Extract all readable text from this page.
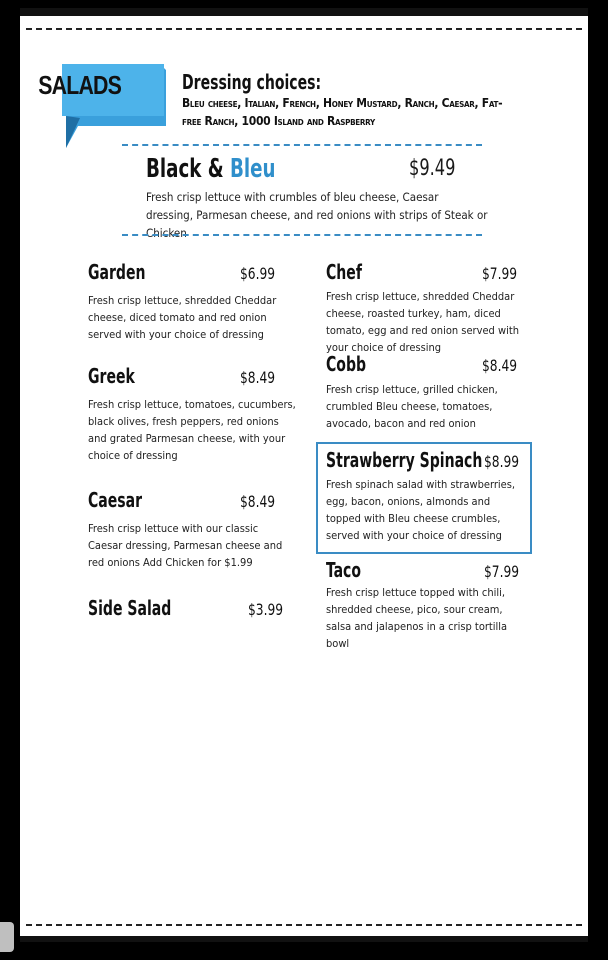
SALADS	Dressing choices:
Bleu cheese, Italian, French, Honey Mustard, Ranch, Caesar, Fat-free Ranch, 1000 Island and Raspberry
Black & Bleu	$9.49
Fresh crisp lettuce with crumbles of bleu cheese, Caesar dressing, Parmesan cheese, and red onions with strips of Steak or Chicken
Garden	$6.99
Fresh crisp lettuce, shredded Cheddar cheese, diced tomato and red onion served with your choice of dressing
Greek	$8.49
Fresh crisp lettuce, tomatoes, cucumbers, black olives, fresh peppers, red onions and grated Parmesan cheese, with your choice of dressing
Caesar	$8.49
Fresh crisp lettuce with our classic Caesar dressing, Parmesan cheese and red onions Add Chicken for $1.99
Side Salad	$3.99
Chef	$7.99
Fresh crisp lettuce, shredded Cheddar cheese, roasted turkey, ham, diced tomato, egg and red onion served with your choice of dressing
Cobb	$8.49
Fresh crisp lettuce, grilled chicken, crumbled Bleu cheese, tomatoes, avocado, bacon and red onion
Strawberry Spinach $8.99
Fresh spinach salad with strawberries, egg, bacon, onions, almonds and topped with Bleu cheese crumbles, served with your choice of dressing
Taco	$7.99
Fresh crisp lettuce topped with chili, shredded cheese, pico, sour cream, salsa and jalapenos in a crisp tortilla bowl
